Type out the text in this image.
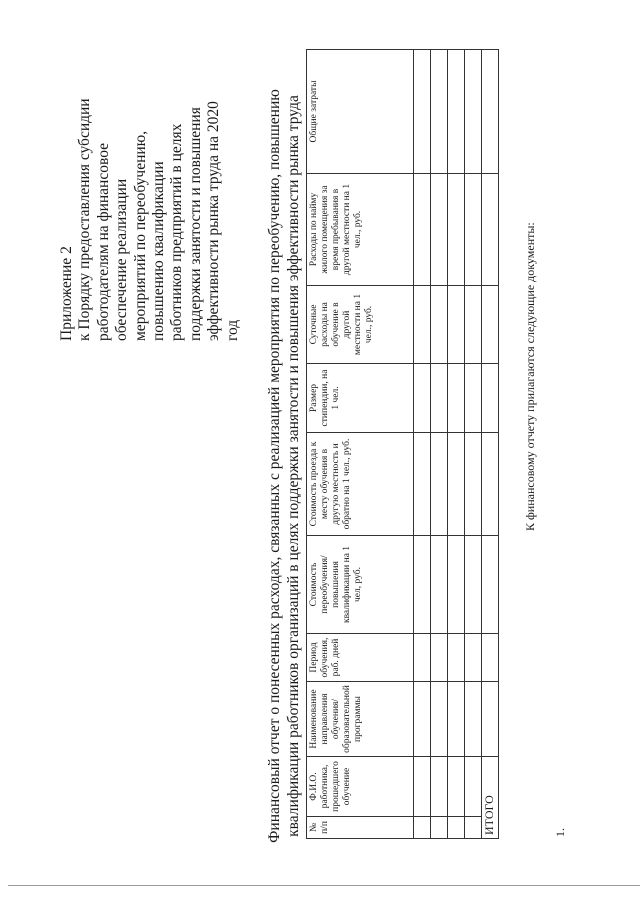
Приложение 2 к Порядку предоставления субсидии работодателям на финансовое обеспечение реализации мероприятий по переобучению, повышению квалификации работников предприятий в целях поддержки занятости и повышения эффективности рынка труда на 2020 год Финансовый отчет о понесенных расходах, связанных с реализацией мероприятия по переобучению, повышению квалификации работников организаций в целях поддержки занятости и повышения эффективности рынка труда № п/п	Ф.И.О. работника, прошедшего обучение	Наименование направления обучения/ образовательной программы	Период обучения, раб. дней	Стоимость переобучения/ повышения квалификации на 1 чел, руб.	Стоимость проезда к месту обучения в другую местность и обратно на 1 чел., руб.	Размер стипендии, на 1 чел.	Суточные расходы на обучение в другой местности на 1 чел., руб.	Расходы по найму жилого помещения за время пребывания в другой местности на 1 чел., руб.	Общие затраты

ИТОГО									
К финансовому отчету прилагаются следующие документы:
1.
